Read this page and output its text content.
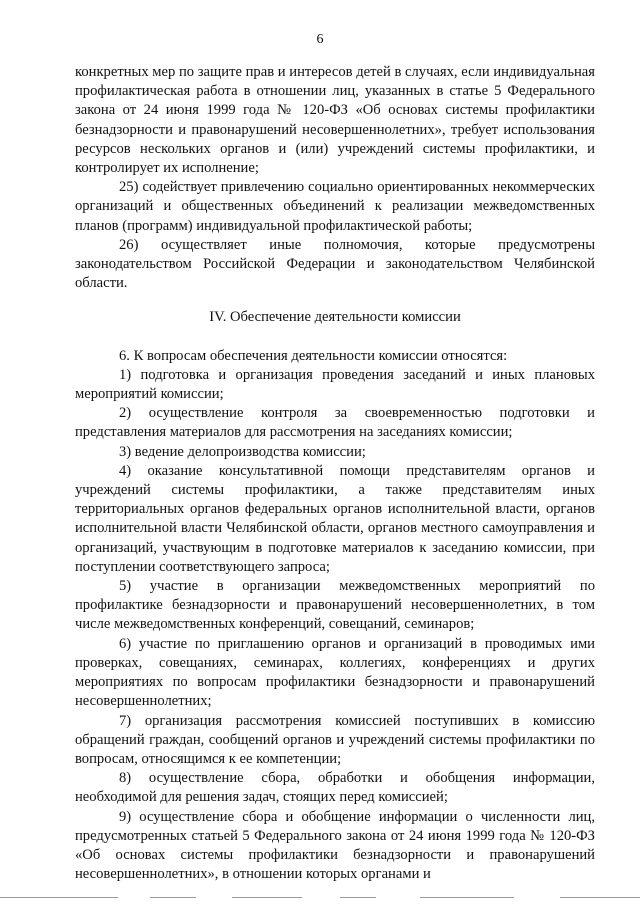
6

конкретных мер по защите прав и интересов детей в случаях, если индивидуальная профилактическая работа в отношении лиц, указанных в статье 5 Федерального закона от 24 июня 1999 года № 120-ФЗ «Об основах системы профилактики безнадзорности и правонарушений несовершеннолетних», требует использования ресурсов нескольких органов и (или) учреждений системы профилактики, и контролирует их исполнение;

25) содействует привлечению социально ориентированных некоммерческих организаций и общественных объединений к реализации межведомственных планов (программ) индивидуальной профилактической работы;

26) осуществляет иные полномочия, которые предусмотрены законодательством Российской Федерации и законодательством Челябинской области.

IV. Обеспечение деятельности комиссии

6. К вопросам обеспечения деятельности комиссии относятся:

1) подготовка и организация проведения заседаний и иных плановых мероприятий комиссии;

2) осуществление контроля за своевременностью подготовки и представления материалов для рассмотрения на заседаниях комиссии;

3) ведение делопроизводства комиссии;

4) оказание консультативной помощи представителям органов и учреждений системы профилактики, а также представителям иных территориальных органов федеральных органов исполнительной власти, органов исполнительной власти Челябинской области, органов местного самоуправления и организаций, участвующим в подготовке материалов к заседанию комиссии, при поступлении соответствующего запроса;

5) участие в организации межведомственных мероприятий по профилактике безнадзорности и правонарушений несовершеннолетних, в том числе межведомственных конференций, совещаний, семинаров;

6) участие по приглашению органов и организаций в проводимых ими проверках, совещаниях, семинарах, коллегиях, конференциях и других мероприятиях по вопросам профилактики безнадзорности и правонарушений несовершеннолетних;

7) организация рассмотрения комиссией поступивших в комиссию обращений граждан, сообщений органов и учреждений системы профилактики по вопросам, относящимся к ее компетенции;

8) осуществление сбора, обработки и обобщения информации, необходимой для решения задач, стоящих перед комиссией;

9) осуществление сбора и обобщение информации о численности лиц, предусмотренных статьей 5 Федерального закона от 24 июня 1999 года № 120-ФЗ «Об основах системы профилактики безнадзорности и правонарушений несовершеннолетних», в отношении которых органами и
